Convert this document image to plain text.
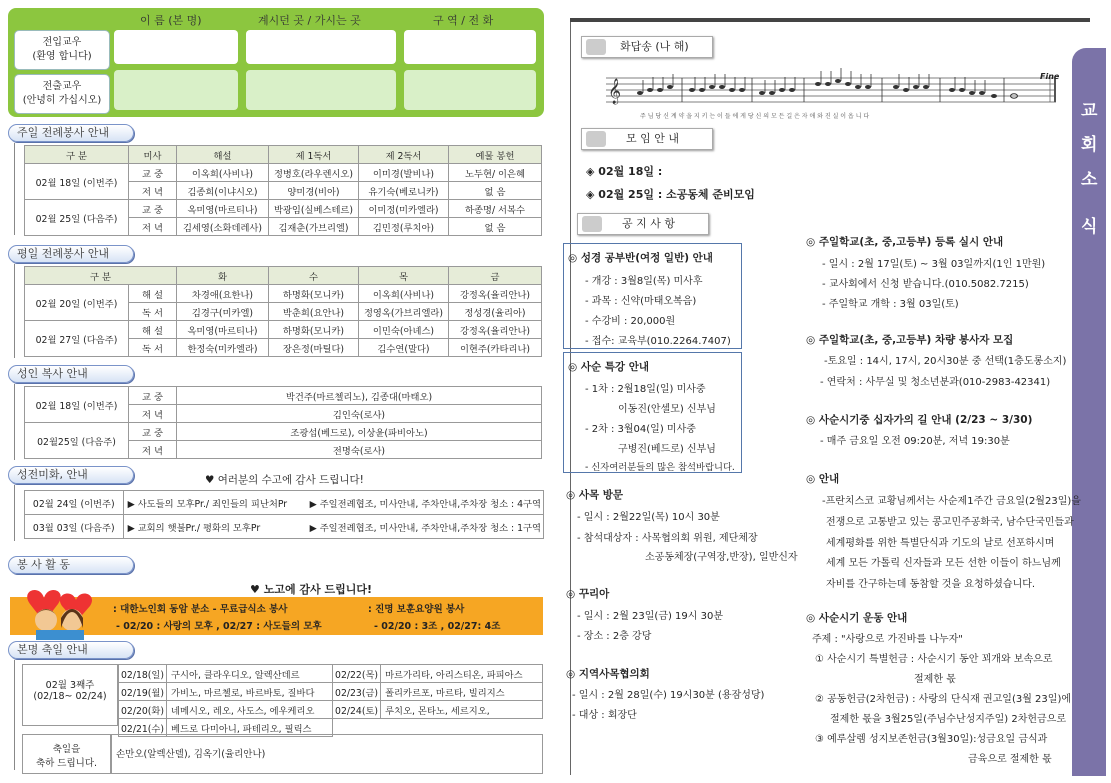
이 름 (본 명)	계시던 곳 / 가시는 곳	구 역 / 전 화
전입교우
(환영 합니다)
전출교우
(안녕히 가십시오)
주일 전례봉사 안내
구 분	미사	해설	제 1독서	제 2독서	예물 봉헌
02월 18일 (이번주)	교 중	이옥희(사비나)	정병호(라우렌시오)	이미경(발비나)	노두현/ 이은혜
	저 녁	김종희(이냐시오)	양미경(비아)	유기숙(베로니카)	없 음
02월 25일 (다음주)	교 중	옥미영(마르티나)	박광임(실베스테르)	이미정(미카엘라)	하종명/ 서복수
	저 녁	김세영(소화데레사)	김재춘(가브리엘)	김민정(루치아)	없 음
평일 전례봉사 안내
구 분		화	수	목	금
02월 20일 (이번주)	해 설	차경애(요한나)	하명화(모니카)	이옥희(사비나)	강정옥(율리안나)
	독 서	김경구(미카엘)	박춘희(요안나)	정영옥(가브리엘라)	정성경(율리아)
02월 27일 (다음주)	해 설	옥미영(마르티나)	하명화(모니카)	이민숙(아녜스)	강정옥(율리안나)
	독 서	한정숙(미카엘라)	장은정(마틸다)	김수연(말다)	이현주(카타리나)
성인 복사 안내
02월 18일 (이번주)	교 중	박건주(마르첼리노), 김종대(마태오)
	저 녁	김인숙(로사)
02월25일 (다음주)	교 중	조광섭(베드로), 이상윤(파비아노)
	저 녁	전명숙(로사)
성전미화, 안내	♥ 여러분의 수고에 감사 드립니다!
02월 24일 (이번주)	▶ 사도들의 모후Pr./ 죄인들의 피난처Pr	▶ 주일전례협조, 미사안내, 주차안내,주차장 청소 : 4구역
03월 03일 (다음주)	▶ 교회의 햇불Pr./ 평화의 모후Pr	▶ 주일전례협조, 미사안내, 주차안내,주차장 청소 : 1구역
봉 사 활 동
♥ 노고에 감사 드립니다!
: 대한노인회 동암 분소 - 무료급식소 봉사
- 02/20 : 사랑의 모후 , 02/27 : 사도들의 모후
: 진명 보훈요양원 봉사
- 02/20 : 3조 , 02/27: 4조
본명 축일 안내
02월 3째주
(02/18~ 02/24)
02/18(일)	구시아, 클라우디오, 알렉산데르	02/22(목)	마르가리타, 아리스티온, 파피아스
02/19(월)	가비노, 마르첼로, 바르바토, 질바다	02/23(금)	폴리카르포, 마르타, 빌리지스
02/20(화)	네메시오, 레오, 사도스, 에우케리오	02/24(토)	루치오, 몬타노, 세르지오,
02/21(수)	베드로 다미아니, 파테리오, 필릭스		
축일을
축하 드립니다.
손만오(알렉산델), 김옥기(율리안나)
교
회
소
식
화답송 (나 해)
𝄞
Fine
주 님 당 신 계 약 을 지 키 는 이 들 에 게 당 신 의 모 든 길 은 자 애 와 진 실 이 옵 니 다
모 임 안 내
◈ 02월 18일 :
◈ 02월 25일 : 소공동체 준비모임
공 지 사 항
◎ 성경 공부반(여정 일반) 안내
- 개강 : 3월8일(목) 미사후
- 과목 : 신약(마태오복음)
- 수강비 : 20,000원
- 접수: 교육부(010.2264.7407)
◎ 사순 특강 안내
- 1차 : 2월18일(일) 미사중
이동진(안셀모) 신부님
- 2차 : 3월04(일) 미사중
구병진(베드로) 신부님
- 신자여러분들의 많은 참석바랍니다.
◎ 사목 방문
- 일시 : 2월22일(목) 10시 30분
- 참석대상자 : 사목협의회 위원, 제단체장
소공동체장(구역장,반장), 일반신자
◎ 꾸리아
- 일시 : 2월 23일(금) 19시 30분
- 장소 : 2층 강당
◎ 지역사목협의회
- 일시 : 2월 28일(수) 19시30분 (용잠성당)
- 대상 : 회장단
◎ 주일학교(초, 중,고등부) 등록 실시 안내
- 일시 : 2월 17일(토) ~ 3월 03일까지(1인 1만원)
- 교사회에서 신청 받습니다.(010.5082.7215)
- 주일학교 개학 : 3월 03일(토)
◎ 주일학교(초, 중,고등부) 차량 봉사자 모집
-토요일 : 14시, 17시, 20시30분 중 선택(1층도롱소지)
- 연락처 : 사무실 및 청소년분과(010-2983-42341)
◎ 사순시기중 십자가의 길 안내 (2/23 ~ 3/30)
- 매주 금요일 오전 09:20분, 저녁 19:30분
◎ 안내
-프란치스코 교황님께서는 사순제1주간 금요일(2월23일)을
전쟁으로 고통받고 있는 콩고민주공화국, 남수단국민들과
세계평화를 위한 특별단식과 기도의 날로 선포하시며
세계 모든 가톨릭 신자들과 모든 선한 이들이 하느님께
자비를 간구하는데 동참할 것을 요청하셨습니다.
◎ 사순시기 운동 안내
주제 : "사랑으로 가진바를 나누자"
① 사순시기 특별헌금 : 사순시기 동안 꾀개와 보속으로
절제한 몫
② 공동헌금(2차헌금) : 사랑의 단식재 권고일(3월 23일)에
절제한 몫을 3월25일(주님수난성지주일) 2차헌금으로
③ 예루살렘 성지보존헌금(3월30일):성금요일 금식과
금육으로 절제한 몫
